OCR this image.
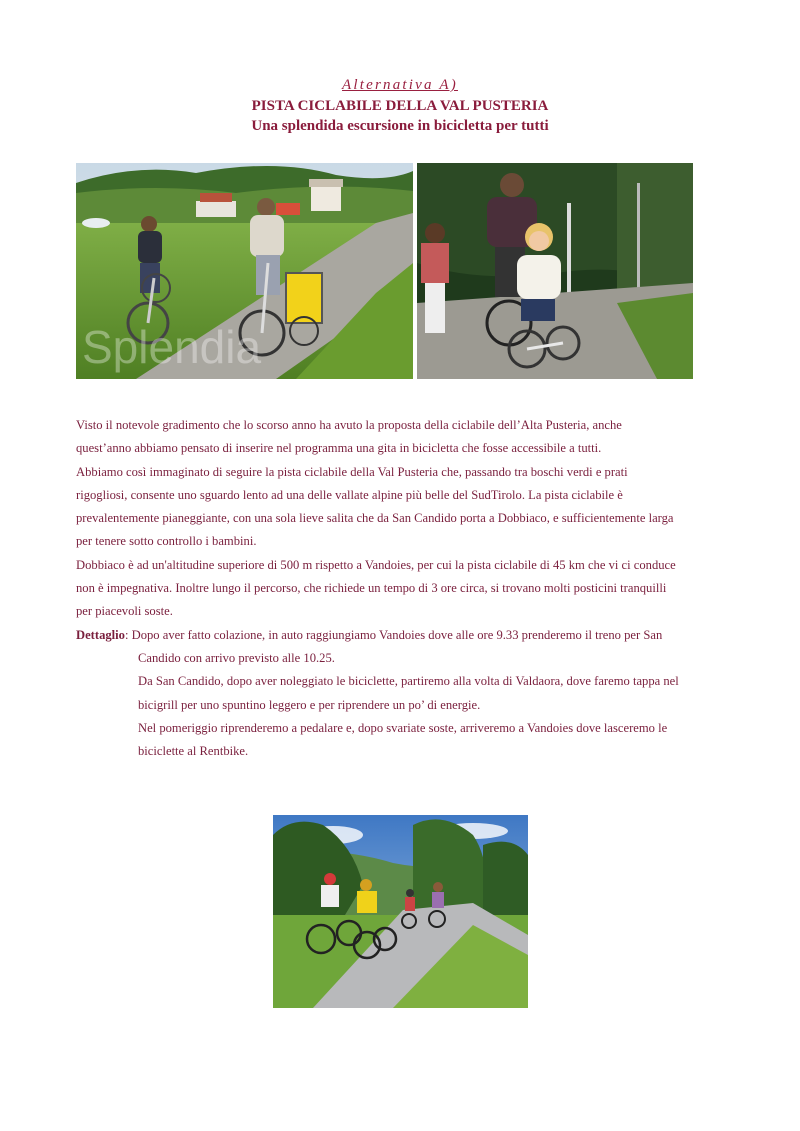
Alternativa A)
PISTA CICLABILE DELLA VAL PUSTERIA
Una splendida escursione in bicicletta per tutti
Splendia

Visto il notevole gradimento che lo scorso anno ha avuto la proposta della ciclabile dell’Alta Pusteria, anche

quest’anno abbiamo pensato di inserire nel programma una gita in bicicletta che fosse accessibile a tutti.

Abbiamo così immaginato di seguire la pista ciclabile della Val Pusteria che, passando tra boschi verdi e prati

rigogliosi, consente uno sguardo lento ad una delle vallate alpine più belle del SudTirolo. La pista ciclabile è

prevalentemente pianeggiante, con una sola lieve salita che da San Candido porta a Dobbiaco, e sufficientemente larga

per tenere sotto controllo i bambini.

Dobbiaco è ad un'altitudine superiore di 500 m rispetto a Vandoies, per cui la pista ciclabile di 45 km che vi ci conduce

non è impegnativa. Inoltre lungo il percorso, che richiede un tempo di 3 ore circa, si trovano molti posticini tranquilli

per piacevoli soste.

Dettaglio: Dopo aver fatto colazione, in auto raggiungiamo Vandoies dove alle ore 9.33 prenderemo il treno per San

Candido con arrivo previsto alle 10.25.

Da San Candido, dopo aver noleggiato le biciclette, partiremo alla volta di Valdaora, dove faremo tappa nel

bicigrill per uno spuntino leggero e per riprendere un po’ di energie.

Nel pomeriggio riprenderemo a pedalare e, dopo svariate soste, arriveremo a Vandoies dove lasceremo le

biciclette al Rentbike.
